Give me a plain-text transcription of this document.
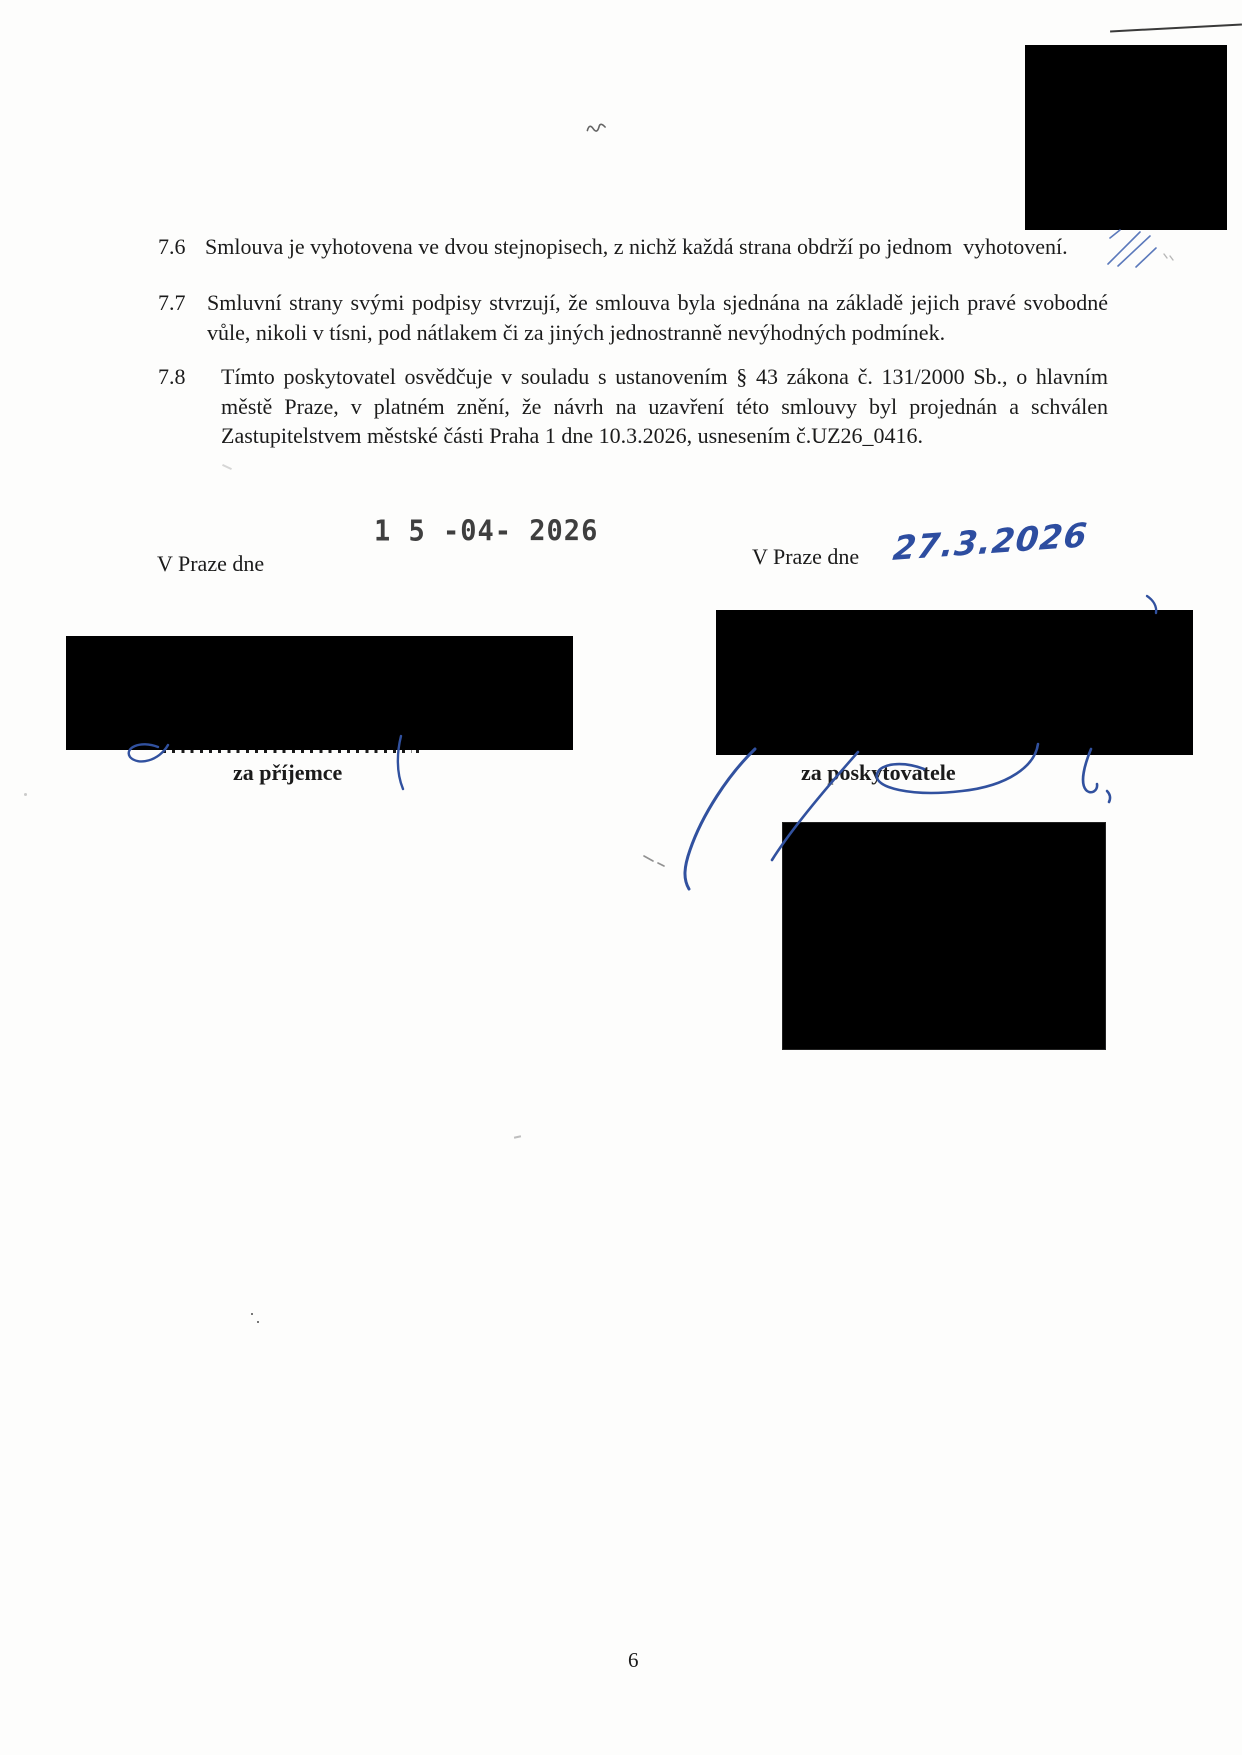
7.6 Smlouva je vyhotovena ve dvou stejnopisech, z nichž každá strana obdrží po jednom  vyhotovení.
7.7 Smluvní strany svými podpisy stvrzují, že smlouva byla sjednána na základě jejich pravé svobodné
vůle, nikoli v tísni, pod nátlakem či za jiných jednostranně nevýhodných podmínek.
7.8 Tímto poskytovatel osvědčuje v souladu s ustanovením § 43 zákona č. 131/2000 Sb., o hlavním
městě Praze, v platném znění, že návrh na uzavření této smlouvy byl projednán a schválen
Zastupitelstvem městské části Praha 1 dne 10.3.2026, usnesením č.UZ26_0416.
V Praze dne
1 5 -04- 2026
V Praze dne 27.3.2026
za příjemce	za poskytovatele
6
